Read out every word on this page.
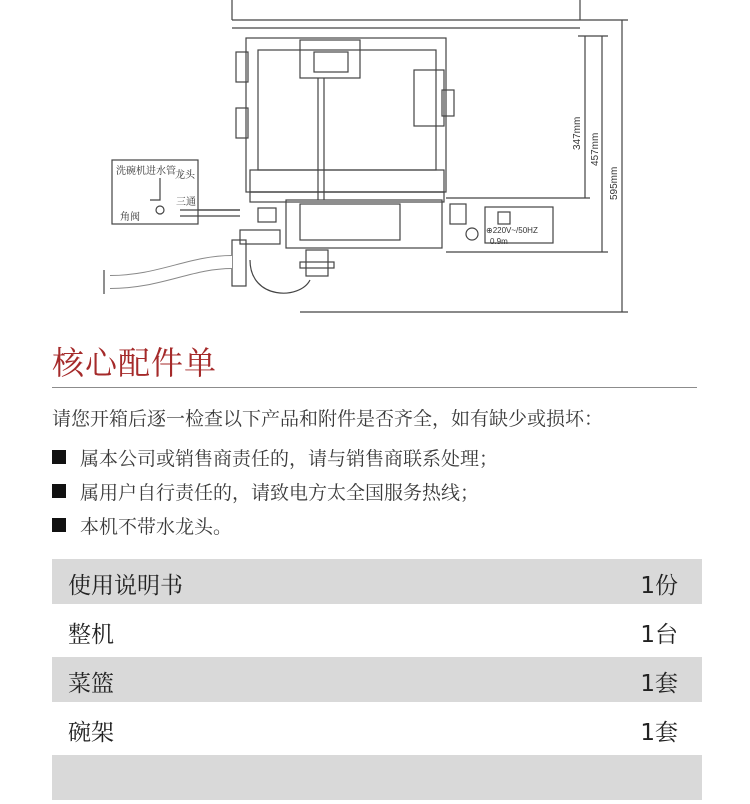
347mm 457mm
595mm
洗碗机进水管 龙头
三通
角阀
⊕220V~/50HZ
0.9m
核心配件单
请您开箱后逐一检查以下产品和附件是否齐全，如有缺少或损坏：
属本公司或销售商责任的，请与销售商联系处理；
属用户自行责任的，请致电方太全国服务热线；
本机不带水龙头。
使用说明书	1份
整机	1台
菜篮	1套
碗架	1套
